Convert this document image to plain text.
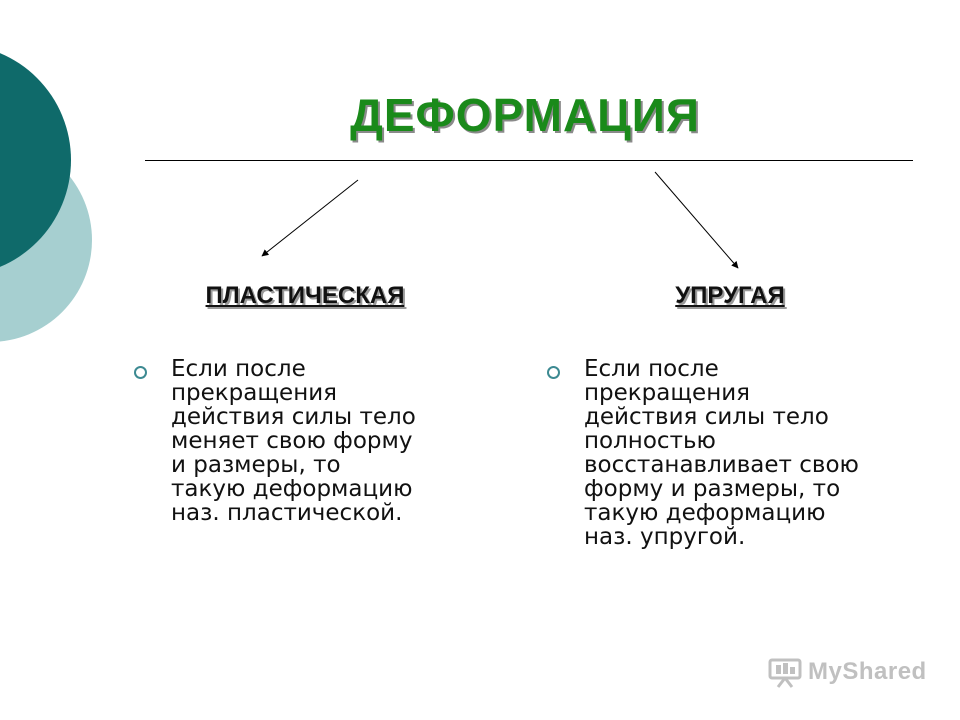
ДЕФОРМАЦИЯ
ПЛАСТИЧЕСКАЯ	УПРУГАЯ
Если после
прекращения
действия силы тело
меняет свою форму
и размеры, то
такую деформацию
наз. пластической.
Если после
прекращения
действия силы тело
полностью
восстанавливает свою
форму и размеры, то
такую деформацию
наз. упругой.
MyShared
